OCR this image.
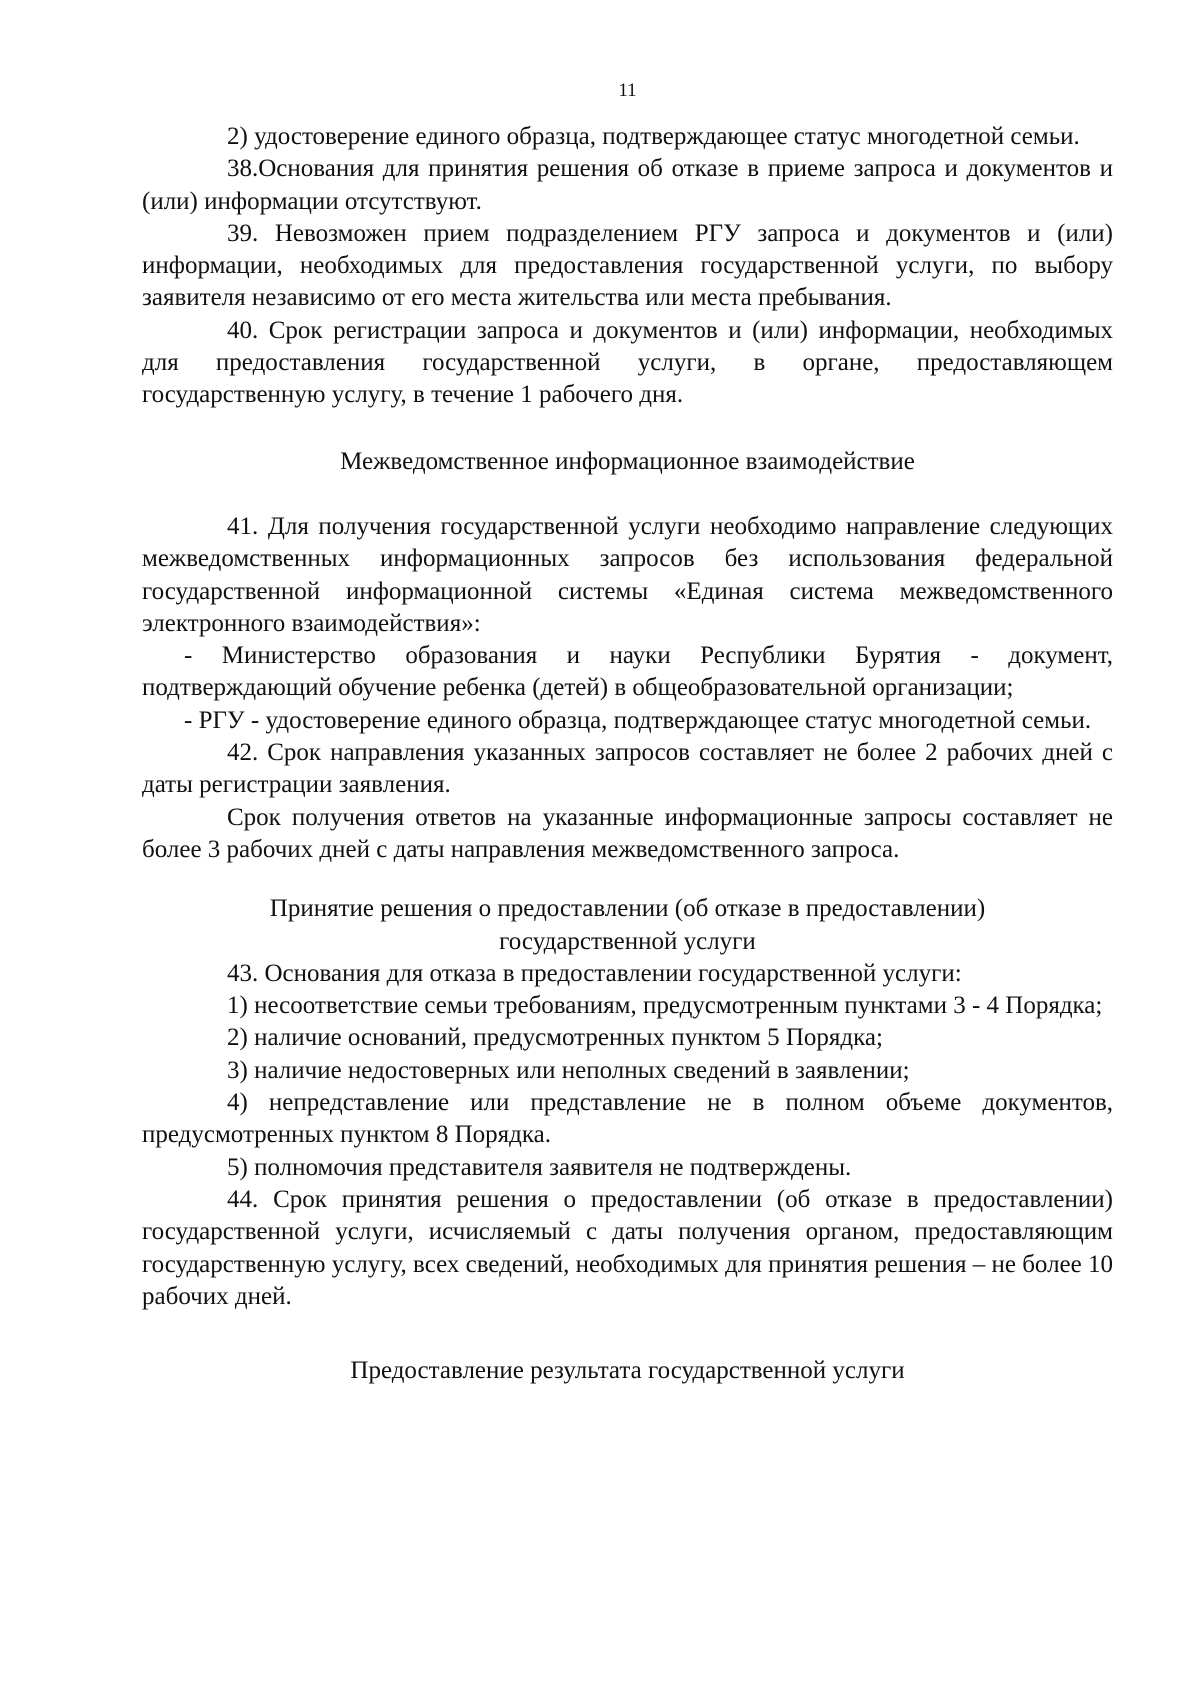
11

2) удостоверение единого образца, подтверждающее статус многодетной семьи.

38.Основания для принятия решения об отказе в приеме запроса и документов и (или) информации отсутствуют.

39. Невозможен прием подразделением РГУ запроса и документов и (или) информации, необходимых для предоставления государственной услуги, по выбору заявителя независимо от его места жительства или места пребывания.

40. Срок регистрации запроса и документов и (или) информации, необходимых для предоставления государственной услуги, в органе, предоставляющем государственную услугу, в течение 1 рабочего дня.

Межведомственное информационное взаимодействие

41. Для получения государственной услуги необходимо направление следующих межведомственных информационных запросов без использования федеральной государственной информационной системы «Единая система межведомственного электронного взаимодействия»:

- Министерство образования и науки Республики Бурятия - документ, подтверждающий обучение ребенка (детей) в общеобразовательной организации;

- РГУ - удостоверение единого образца, подтверждающее статус многодетной семьи.

42. Срок направления указанных запросов составляет не более 2 рабочих дней с даты регистрации заявления.

Срок получения ответов на указанные информационные запросы составляет не более 3 рабочих дней с даты направления межведомственного запроса.

Принятие решения о предоставлении (об отказе в предоставлении)

государственной услуги

43. Основания для отказа в предоставлении государственной услуги:

1) несоответствие семьи требованиям, предусмотренным пунктами 3 - 4 Порядка;

2) наличие оснований, предусмотренных пунктом 5 Порядка;

3) наличие недостоверных или неполных сведений в заявлении;

4) непредставление или представление не в полном объеме документов, предусмотренных пунктом 8 Порядка.

5) полномочия представителя заявителя не подтверждены.

44. Срок принятия решения о предоставлении (об отказе в предоставлении) государственной услуги, исчисляемый с даты получения органом, предоставляющим государственную услугу, всех сведений, необходимых для принятия решения – не более 10 рабочих дней.

Предоставление результата государственной услуги
